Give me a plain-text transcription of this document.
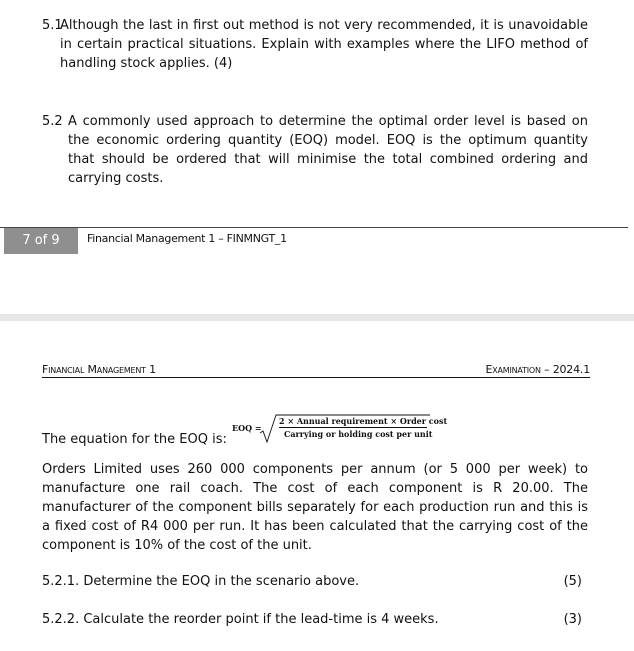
5.1

Although the last in first out method is not very recommended, it is unavoidable in certain practical situations. Explain with examples where the LIFO method of handling stock applies. (4)

5.2 A commonly used approach to determine the optimal order level is based on the economic ordering quantity (EOQ) model. EOQ is the optimum quantity that should be ordered that will minimise the total combined ordering and carrying costs.

7 of 9	Financial Management 1 – FINMNGT_1
Financial Management 1	Examination – 2024.1
The equation for the EOQ is:
EOQ =
2 × Annual requirement × Order cost
Carrying or holding cost per unit

Orders Limited uses 260 000 components per annum (or 5 000 per week) to manufacture one rail coach. The cost of each component is R 20.00. The manufacturer of the component bills separately for each production run and this is a fixed cost of R4 000 per run. It has been calculated that the carrying cost of the component is 10% of the cost of the unit.

5.2.1. Determine the EOQ in the scenario above.	(5)
5.2.2. Calculate the reorder point if the lead-time is 4 weeks.	(3)
